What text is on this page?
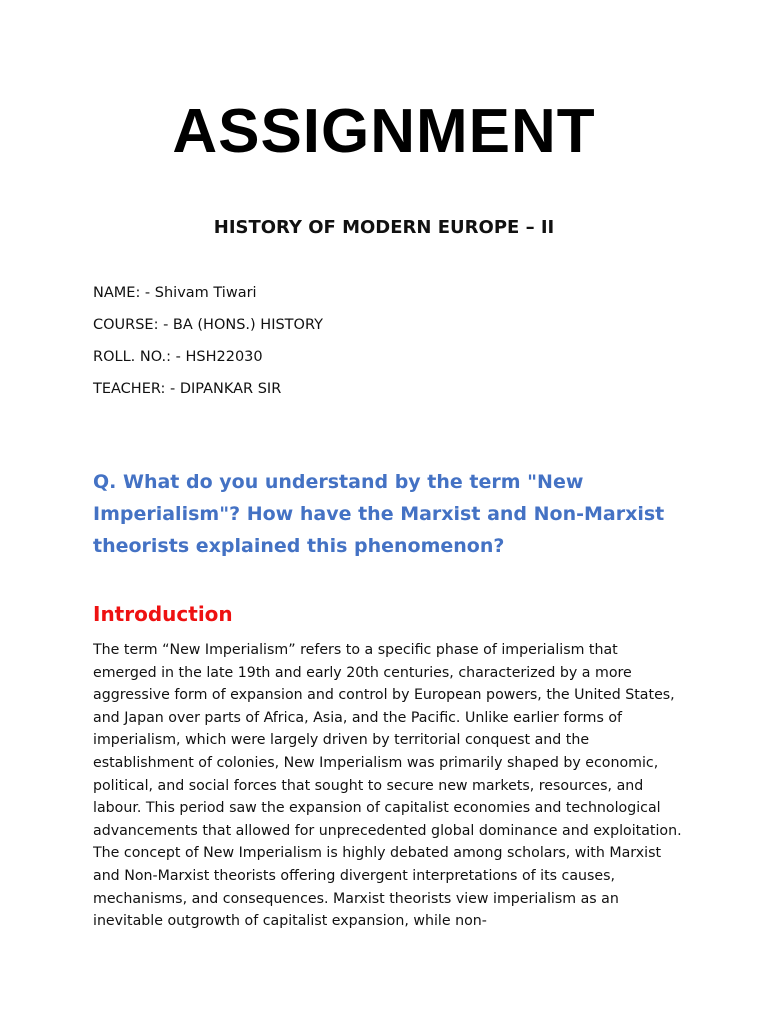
ASSIGNMENT
HISTORY OF MODERN EUROPE – II
NAME: - Shivam Tiwari
COURSE: - BA (HONS.) HISTORY
ROLL. NO.: - HSH22030
TEACHER: - DIPANKAR SIR
Q. What do you understand by the term "New Imperialism"? How have the Marxist and Non-Marxist theorists explained this phenomenon?
Introduction

The term “New Imperialism” refers to a specific phase of imperialism that emerged in the late 19th and early 20th centuries, characterized by a more aggressive form of expansion and control by European powers, the United States, and Japan over parts of Africa, Asia, and the Pacific. Unlike earlier forms of imperialism, which were largely driven by territorial conquest and the establishment of colonies, New Imperialism was primarily shaped by economic, political, and social forces that sought to secure new markets, resources, and labour. This period saw the expansion of capitalist economies and technological advancements that allowed for unprecedented global dominance and exploitation. The concept of New Imperialism is highly debated among scholars, with Marxist and Non-Marxist theorists offering divergent interpretations of its causes, mechanisms, and consequences. Marxist theorists view imperialism as an inevitable outgrowth of capitalist expansion, while non-
